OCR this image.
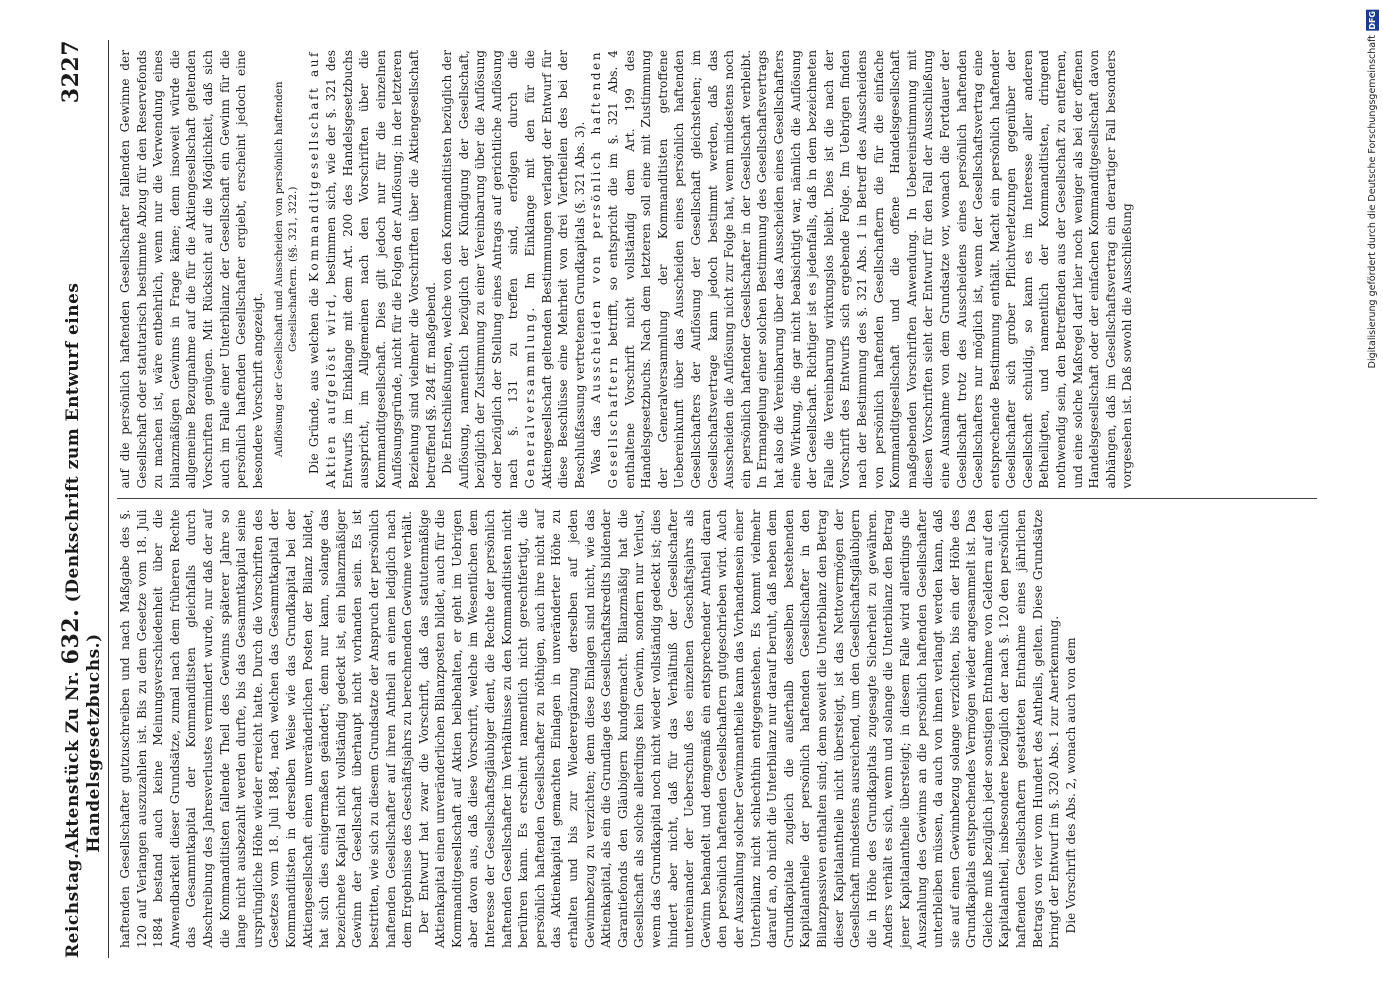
Reichstag.
Aktenstück Zu Nr. 632. (Denkschrift zum Entwurf eines Handelsgesetzbuchs.)
3227

haftenden Gesellschafter gutzuschreiben und nach Maßgabe des §. 120 auf Verlangen auszuzahlen ist. Bis zu dem Gesetze vom 18. Juli 1884 bestand auch keine Meinungsverschiedenheit über die Anwendbarkeit dieser Grundsätze, zumal nach dem früheren Rechte das Gesammtkapital der Kommanditisten gleichfalls durch Abschreibung des Jahresverlustes vermindert wurde, nur daß der auf die Kommanditisten fallende Theil des Gewinns späterer Jahre so lange nicht ausbezahlt werden durfte, bis das Gesammtkapital seine ursprüngliche Höhe wieder erreicht hatte. Durch die Vorschriften des Gesetzes vom 18. Juli 1884, nach welchen das Gesammtkapital der Kommanditisten in derselben Weise wie das Grundkapital bei der Aktiengesellschaft einen unveränderlichen Posten der Bilanz bildet, hat sich dies einigermaßen geändert; denn nur kann, solange das bezeichnete Kapital nicht vollständig gedeckt ist, ein bilanzmäßiger Gewinn der Gesellschaft überhaupt nicht vorhanden sein. Es ist bestritten, wie sich zu diesem Grundsatze der Anspruch der persönlich haftenden Gesellschafter auf ihren Antheil an einem lediglich nach dem Ergebnisse des Geschäftsjahrs zu berechnenden Gewinne verhält. Der Entwurf hat zwar die Vorschrift, daß das statutenmäßige Aktienkapital einen unveränderlichen Bilanzposten bildet, auch für die Kommanditgesellschaft auf Aktien beibehalten, er geht im Uebrigen aber davon aus, daß diese Vorschrift, welche im Wesentlichen dem Interesse der Gesellschaftsgläubiger dient, die Rechte der persönlich haftenden Gesellschafter im Verhältnisse zu den Kommanditisten nicht berühren kann. Es erscheint namentlich nicht gerechtfertigt, die persönlich haftenden Gesellschafter zu nöthigen, auch ihre nicht auf das Aktienkapital gemachten Einlagen in unveränderter Höhe zu erhalten und bis zur Wiederergänzung derselben auf jeden Gewinnbezug zu verzichten; denn diese Einlagen sind nicht, wie das Aktienkapital, als ein die Grundlage des Gesellschaftskredits bildender Garantiefonds den Gläubigern kundgemacht. Bilanzmäßig hat die Gesellschaft als solche allerdings kein Gewinn, sondern nur Verlust, wenn das Grundkapital noch nicht wieder vollständig gedeckt ist; dies hindert aber nicht, daß für das Verhältniß der Gesellschafter untereinander der Ueberschuß des einzelnen Geschäftsjahrs als Gewinn behandelt und demgemäß ein entsprechender Antheil daran den persönlich haftenden Gesellschaftern gutgeschrieben wird. Auch der Auszahlung solcher Gewinnantheile kann das Vorhandensein einer Unterbilanz nicht schlechthin entgegenstehen. Es kommt vielmehr darauf an, ob nicht die Unterbilanz nur darauf beruht, daß neben dem Grundkapitale zugleich die außerhalb desselben bestehenden Kapitalantheile der persönlich haftenden Gesellschafter in den Bilanzpassiven enthalten sind; denn soweit die Unterbilanz den Betrag dieser Kapitalantheile nicht übersteigt, ist das Nettovermögen der Gesellschaft mindestens ausreichend, um den Gesellschaftsgläubigern die in Höhe des Grundkapitals zugesagte Sicherheit zu gewähren. Anders verhält es sich, wenn und solange die Unterbilanz den Betrag jener Kapitalantheile übersteigt; in diesem Falle wird allerdings die Auszahlung des Gewinns an die persönlich haftenden Gesellschafter unterbleiben müssen, da auch von ihnen verlangt werden kann, daß sie auf einen Gewinnbezug solange verzichten, bis ein der Höhe des Grundkapitals entsprechendes Vermögen wieder angesammelt ist. Das Gleiche muß bezüglich jeder sonstigen Entnahme von Geldern auf den Kapitalantheil, insbesondere bezüglich der nach §. 120 den persönlich haftenden Gesellschaftern gestatteten Entnahme eines jährlichen Betrags von vier vom Hundert des Antheils, gelten. Diese Grundsätze bringt der Entwurf im §. 320 Abs. 1 zur Anerkennung. Die Vorschrift des Abs. 2, wonach auch von dem

auf die persönlich haftenden Gesellschafter fallenden Gewinne der Gesellschaft oder statutarisch bestimmte Abzug für den Reservefonds zu machen ist, wäre entbehrlich, wenn nur die Verwendung eines bilanzmäßigen Gewinns in Frage käme; denn insoweit würde die allgemeine Bezugnahme auf die für die Aktiengesellschaft geltenden Vorschriften genügen. Mit Rücksicht auf die Möglichkeit, daß sich auch im Falle einer Unterbilanz der Gesellschaft ein Gewinn für die persönlich haftenden Gesellschafter ergiebt, erscheint jedoch eine besondere Vorschrift angezeigt. Auflösung der Gesellschaft und Ausscheiden von persönlich haftenden Gesellschaftern. (§§. 321, 322.)

Die Gründe, aus welchen die Kommanditgesellschaft auf Aktien aufgelöst wird, bestimmen sich, wie der §. 321 des Entwurfs im Einklange mit dem Art. 200 des Handelsgesetzbuchs ausspricht, im Allgemeinen nach den Vorschriften über die Kommanditgesellschaft. Dies gilt jedoch nur für die einzelnen Auflösungsgründe, nicht für die Folgen der Auflösung; in der letzteren Beziehung sind vielmehr die Vorschriften über die Aktiengesellschaft betreffend §§. 284 ff. maßgebend. Die Entschließungen, welche von den Kommanditisten bezüglich der Auflösung, namentlich bezüglich der Kündigung der Gesellschaft, bezüglich der Zustimmung zu einer Vereinbarung über die Auflösung oder bezüglich der Stellung eines Antrags auf gerichtliche Auflösung nach §. 131 zu treffen sind, erfolgen durch die Generalversammlung. Im Einklange mit den für die Aktiengesellschaft geltenden Bestimmungen verlangt der Entwurf für diese Beschlüsse eine Mehrheit von drei Viertheilen des bei der Beschlußfassung vertretenen Grundkapitals (§. 321 Abs. 3). Was das Ausscheiden von persönlich haftenden Gesellschaftern betrifft, so entspricht die im §. 321 Abs. 4 enthaltene Vorschrift nicht vollständig dem Art. 199 des Handelsgesetzbuchs. Nach dem letzteren soll eine mit Zustimmung der Generalversammlung der Kommanditisten getroffene Uebereinkunft über das Ausscheiden eines persönlich haftenden Gesellschafters der Auflösung der Gesellschaft gleichstehen; im Gesellschaftsvertrage kann jedoch bestimmt werden, daß das Ausscheiden die Auflösung nicht zur Folge hat, wenn mindestens noch ein persönlich haftender Gesellschafter in der Gesellschaft verbleibt. In Ermangelung einer solchen Bestimmung des Gesellschaftsvertrags hat also die Vereinbarung über das Ausscheiden eines Gesellschafters eine Wirkung, die gar nicht beabsichtigt war, nämlich die Auflösung der Gesellschaft. Richtiger ist es jedenfalls, daß in dem bezeichneten Falle die Vereinbarung wirkungslos bleibt. Dies ist die nach der Vorschrift des Entwurfs sich ergebende Folge. Im Uebrigen finden nach der Bestimmung des §. 321 Abs. 1 in Betreff des Ausscheidens von persönlich haftenden Gesellschaftern die für die einfache Kommanditgesellschaft und die offene Handelsgesellschaft maßgebenden Vorschriften Anwendung. In Uebereinstimmung mit diesen Vorschriften sieht der Entwurf für den Fall der Ausschließung eine Ausnahme von dem Grundsatze vor, wonach die Fortdauer der Gesellschaft trotz des Ausscheidens eines persönlich haftenden Gesellschafters nur möglich ist, wenn der Gesellschaftsvertrag eine entsprechende Bestimmung enthält. Macht ein persönlich haftender Gesellschafter sich grober Pflichtverletzungen gegenüber der Gesellschaft schuldig, so kann es im Interesse aller anderen Betheiligten, und namentlich der Kommanditisten, dringend nothwendig sein, den Betreffenden aus der Gesellschaft zu entfernen, und eine solche Maßregel darf hier noch weniger als bei der offenen Handelsgesellschaft oder der einfachen Kommanditgesellschaft davon abhängen, daß im Gesellschaftsvertrag ein derartiger Fall besonders vorgesehen ist. Daß sowohl die Ausschließung

DFG
Digitalisierung gefördert durch die Deutsche Forschungsgemeinschaft
